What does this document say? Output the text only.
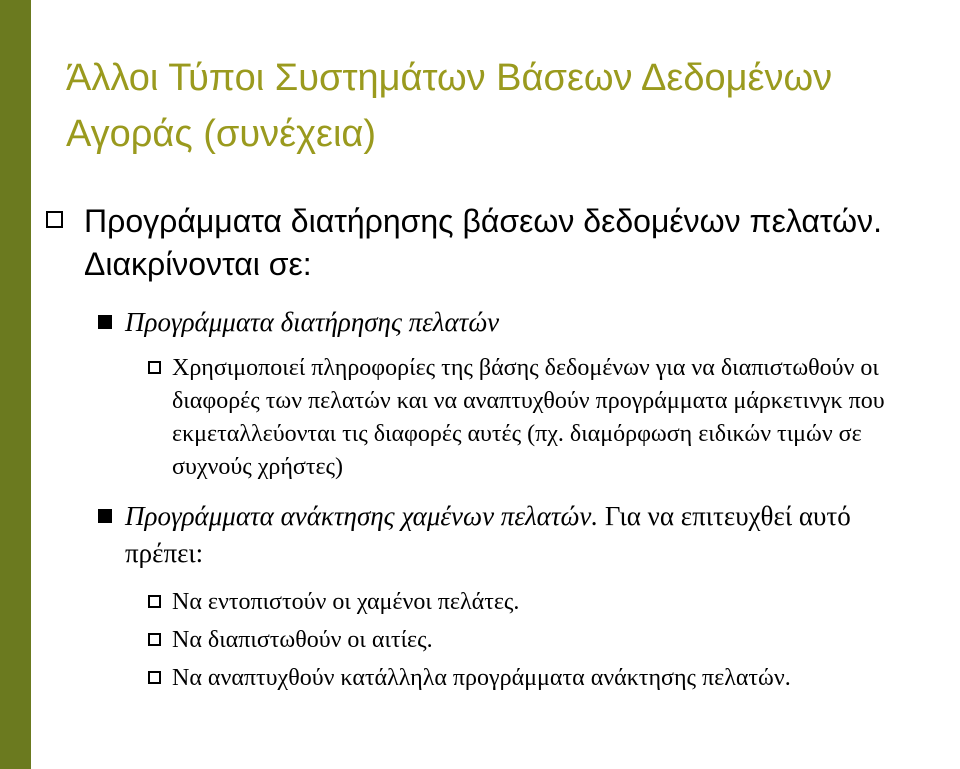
Άλλοι Τύποι Συστημάτων Βάσεων Δεδομένων Αγοράς (συνέχεια)
Προγράμματα διατήρησης βάσεων δεδομένων πελατών. Διακρίνονται σε:
Προγράμματα διατήρησης πελατών
Χρησιμοποιεί πληροφορίες της βάσης δεδομένων για να διαπιστωθούν οι διαφορές των πελατών και να αναπτυχθούν προγράμματα μάρκετινγκ που εκμεταλλεύονται τις διαφορές αυτές (πχ. διαμόρφωση ειδικών τιμών σε συχνούς χρήστες)
Προγράμματα ανάκτησης χαμένων πελατών. Για να επιτευχθεί αυτό πρέπει:
Να εντοπιστούν οι χαμένοι πελάτες.
Να διαπιστωθούν οι αιτίες.
Να αναπτυχθούν κατάλληλα προγράμματα ανάκτησης πελατών.
